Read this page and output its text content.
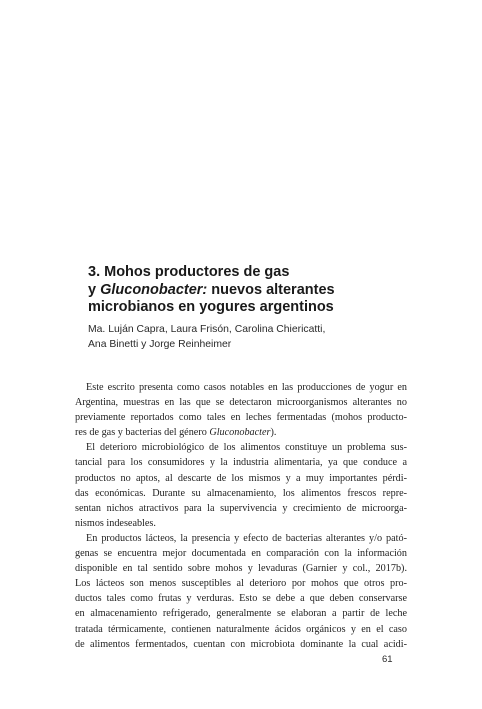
3. Mohos productores de gas
y Gluconobacter: nuevos alterantes
microbianos en yogures argentinos
Ma. Luján Capra, Laura Frisón, Carolina Chiericatti,
Ana Binetti y Jorge Reinheimer
Este escrito presenta como casos notables en las producciones de yogur en
Argentina, muestras en las que se detectaron microorganismos alterantes no
previamente reportados como tales en leches fermentadas (mohos producto-
res de gas y bacterias del género Gluconobacter).
El deterioro microbiológico de los alimentos constituye un problema sus-
tancial para los consumidores y la industria alimentaria, ya que conduce a
productos no aptos, al descarte de los mismos y a muy importantes pérdi-
das económicas. Durante su almacenamiento, los alimentos frescos repre-
sentan nichos atractivos para la supervivencia y crecimiento de microorga-
nismos indeseables.
En productos lácteos, la presencia y efecto de bacterias alterantes y/o pató-
genas se encuentra mejor documentada en comparación con la información
disponible en tal sentido sobre mohos y levaduras (Garnier y col., 2017b).
Los lácteos son menos susceptibles al deterioro por mohos que otros pro-
ductos tales como frutas y verduras. Esto se debe a que deben conservarse
en almacenamiento refrigerado, generalmente se elaboran a partir de leche
tratada térmicamente, contienen naturalmente ácidos orgánicos y en el caso
de alimentos fermentados, cuentan con microbiota dominante la cual acidi-
61
